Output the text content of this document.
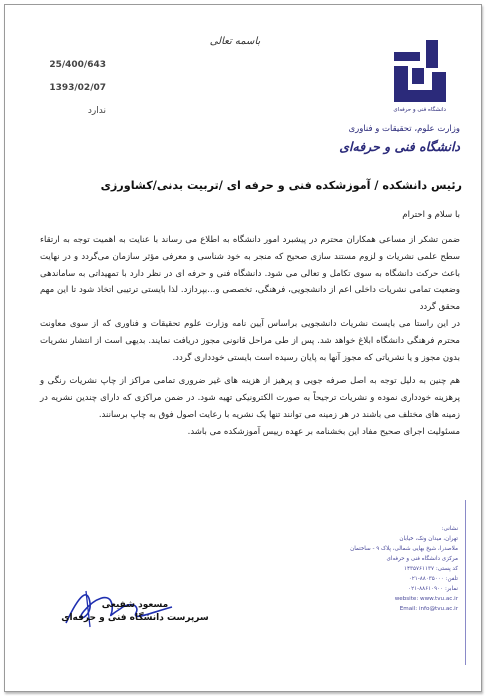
باسمه تعالی
25/400/643
1393/02/07
ندارد	دانشگاه فنی و حرفه‌ای
وزارت علوم، تحقیقات و فناوری
دانشگاه فنی و حرفه‌ای
رئیس دانشکده / آموزشکده فنی و حرفه ای /تربیت بدنی/کشاورزی
با سلام و احترام

ضمن تشکر از مساعی همکاران محترم در پیشبرد امور دانشگاه به اطلاع می رساند با عنایت به اهمیت توجه به ارتقاء سطح علمی نشریات و لزوم مستند سازی صحیح که منجر به خود شناسی و معرفی مؤثر سازمان می‌گردد و در نهایت باعث حرکت دانشگاه به سوی تکامل و تعالی می شود. دانشگاه فنی و حرفه ای در نظر دارد با تمهیداتی به ساماندهی وضعیت تمامی نشریات داخلی اعم از دانشجویی، فرهنگی، تخصصی و...بپردازد. لذا بایستی ترتیبی اتخاذ شود تا این مهم محقق گردد

در این راستا می بایست نشریات دانشجویی براساس آیین نامه وزارت علوم تحقیقات و فناوری که از سوی معاونت محترم فرهنگی دانشگاه ابلاغ خواهد شد. پس از طی مراحل قانونی مجوز دریافت نمایند. بدیهی است از انتشار نشریات بدون مجوز و یا نشریاتی که مجوز آنها به پایان رسیده است بایستی خودداری گردد.

هم چنین به دلیل توجه به اصل صرفه جویی و پرهیز از هزینه های غیر ضروری تمامی مراکز از چاپ نشریات رنگی و پرهزینه خودداری نموده و نشریات ترجیحاً به صورت الکترونیکی تهیه شود. در ضمن مراکزی که دارای چندین نشریه در زمینه های مختلف می باشند در هر زمینه می توانند تنها یک نشریه با رعایت اصول فوق به چاپ برسانند.

مسئولیت اجرای صحیح مفاد این بخشنامه بر عهده رییس آموزشکده می باشد.

مسعود شفیعی
سرپرست دانشگاه فنی و حرفه‌ای
نشانی:
تهران، میدان ونک، خیابان
ملاصدرا، شیخ بهایی شمالی، پلاک ۹ - ساختمان
مرکزی دانشگاه فنی و حرفه‌ای
کد پستی: ۱۴۳۵۷۶۱۱۳۷
تلفن: ۸۸۰۳۵۰۰۰-۰۲۱
نمابر: ۸۸۶۱۰۹۰۰-۰۲۱
website: www.tvu.ac.ir
Email: info@tvu.ac.ir
